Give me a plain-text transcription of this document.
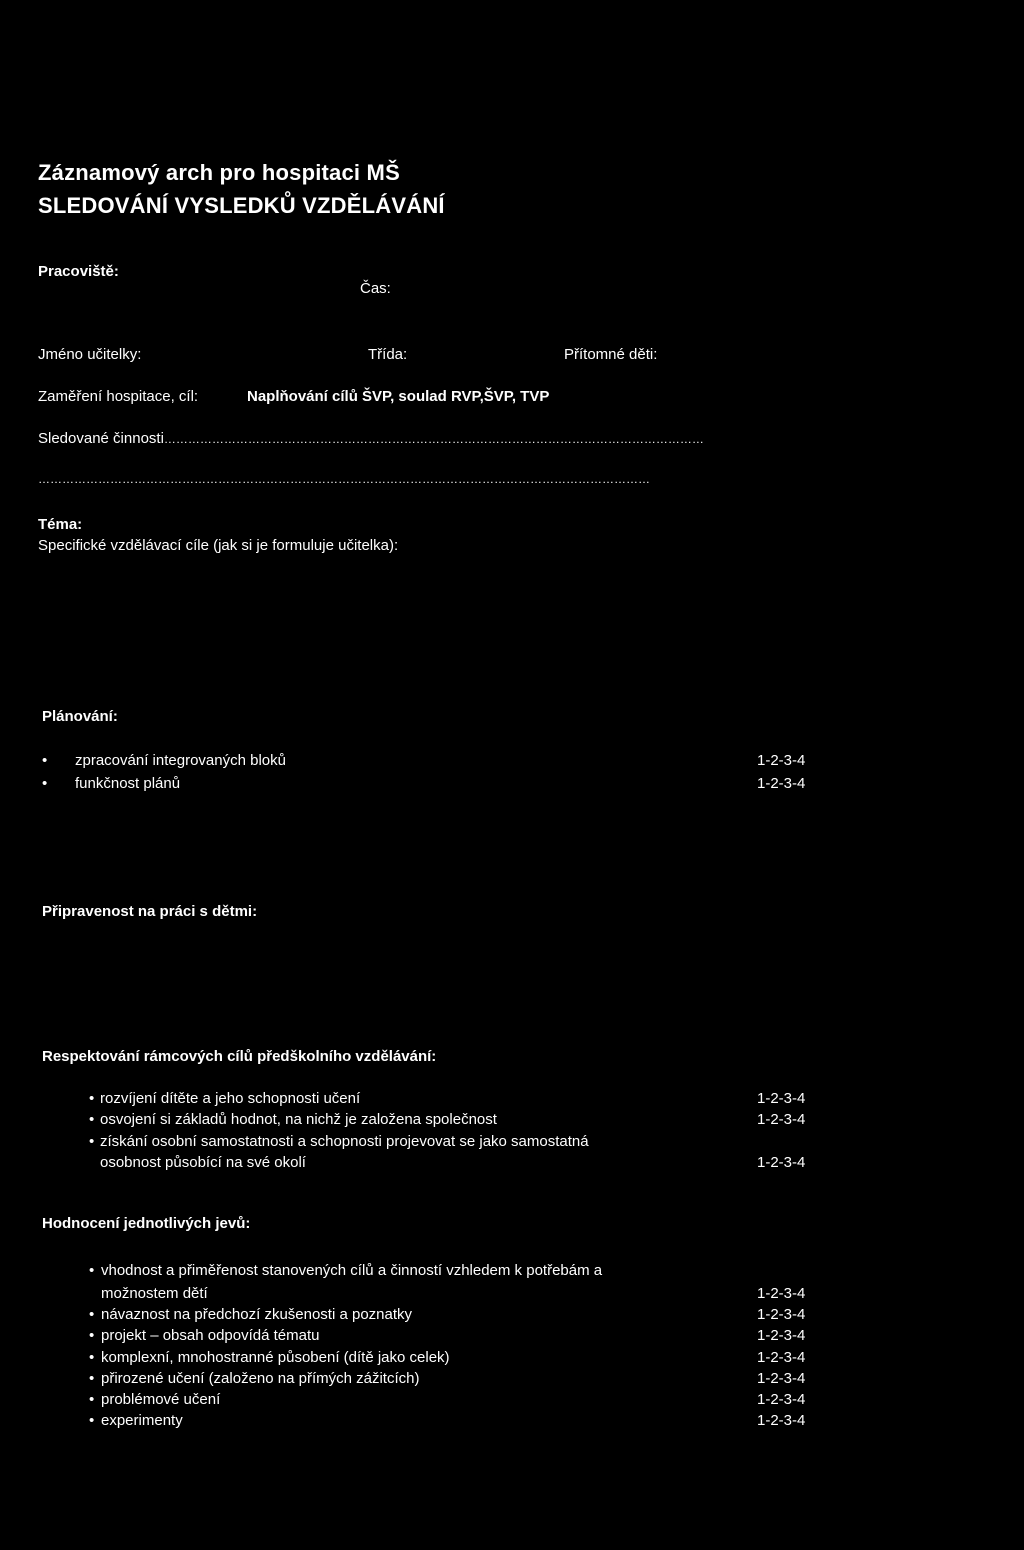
Záznamový arch pro hospitaci MŠ
SLEDOVÁNÍ VYSLEDKŮ VZDĚLÁVÁNÍ
Pracoviště:
Čas:
Jméno učitelky:	Třída:	Přítomné děti:
Zaměření hospitace, cíl:	Naplňování cílů ŠVP, soulad RVP,ŠVP, TVP
Sledované činnosti………………………………………………………………………………………………………………………
………………………………………………………………………………………………………………………………………
Téma:
Specifické vzdělávací cíle (jak si je formuluje učitelka):
Plánování:
• zpracování integrovaných bloků	1-2-3-4
• funkčnost plánů	1-2-3-4
Připravenost na práci s dětmi:
Respektování rámcových cílů předškolního vzdělávání:
• rozvíjení dítěte a jeho schopnosti učení	1-2-3-4
• osvojení si základů hodnot, na nichž je založena společnost	1-2-3-4
• získání osobní samostatnosti a schopnosti projevovat se jako samostatná
osobnost působící na své okolí	1-2-3-4
Hodnocení jednotlivých jevů:
• vhodnost a přiměřenost stanovených cílů a činností vzhledem k potřebám a
možnostem dětí	1-2-3-4
• návaznost na předchozí zkušenosti a poznatky	1-2-3-4
• projekt – obsah odpovídá tématu	1-2-3-4
• komplexní, mnohostranné působení (dítě jako celek)	1-2-3-4
• přirozené učení (založeno na přímých zážitcích)	1-2-3-4
• problémové učení	1-2-3-4
• experimenty	1-2-3-4
